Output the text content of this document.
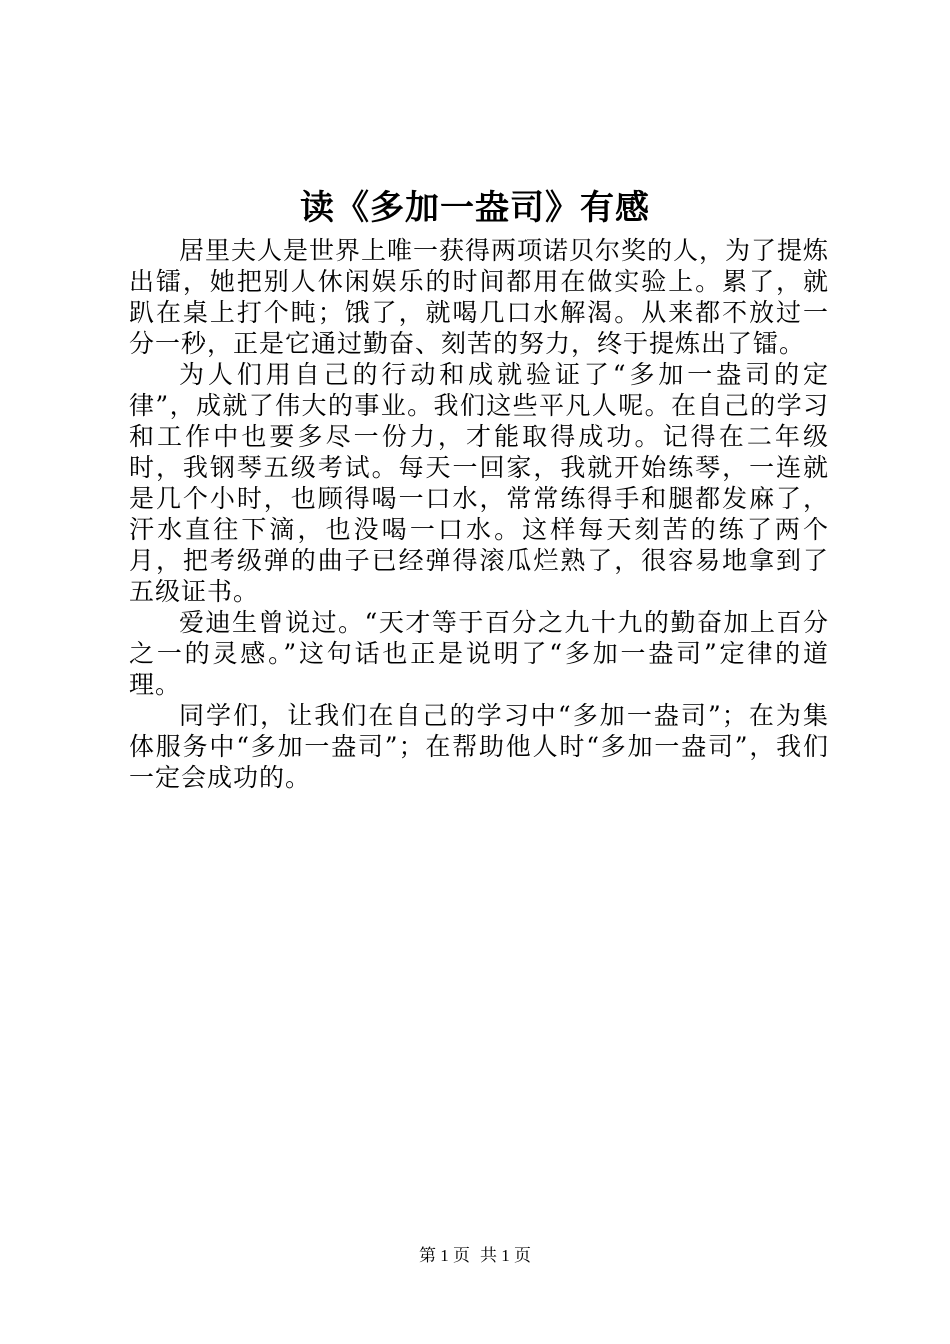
读《多加一盎司》有感

居里夫人是世界上唯一获得两项诺贝尔奖的人，为了提炼出镭，她把别人休闲娱乐的时间都用在做实验上。累了，就趴在桌上打个盹；饿了，就喝几口水解渴。从来都不放过一分一秒，正是它通过勤奋、刻苦的努力，终于提炼出了镭。

为人们用自己的行动和成就验证了“多加一盎司的定律”，成就了伟大的事业。我们这些平凡人呢。在自己的学习和工作中也要多尽一份力，才能取得成功。记得在二年级时，我钢琴五级考试。每天一回家，我就开始练琴，一连就是几个小时，也顾得喝一口水，常常练得手和腿都发麻了，汗水直往下滴，也没喝一口水。这样每天刻苦的练了两个月，把考级弹的曲子已经弹得滚瓜烂熟了，很容易地拿到了五级证书。

爱迪生曾说过。“天才等于百分之九十九的勤奋加上百分之一的灵感。”这句话也正是说明了“多加一盎司”定律的道理。

同学们，让我们在自己的学习中“多加一盎司”；在为集体服务中“多加一盎司”；在帮助他人时“多加一盎司”，我们一定会成功的。

第 1 页 共 1 页
